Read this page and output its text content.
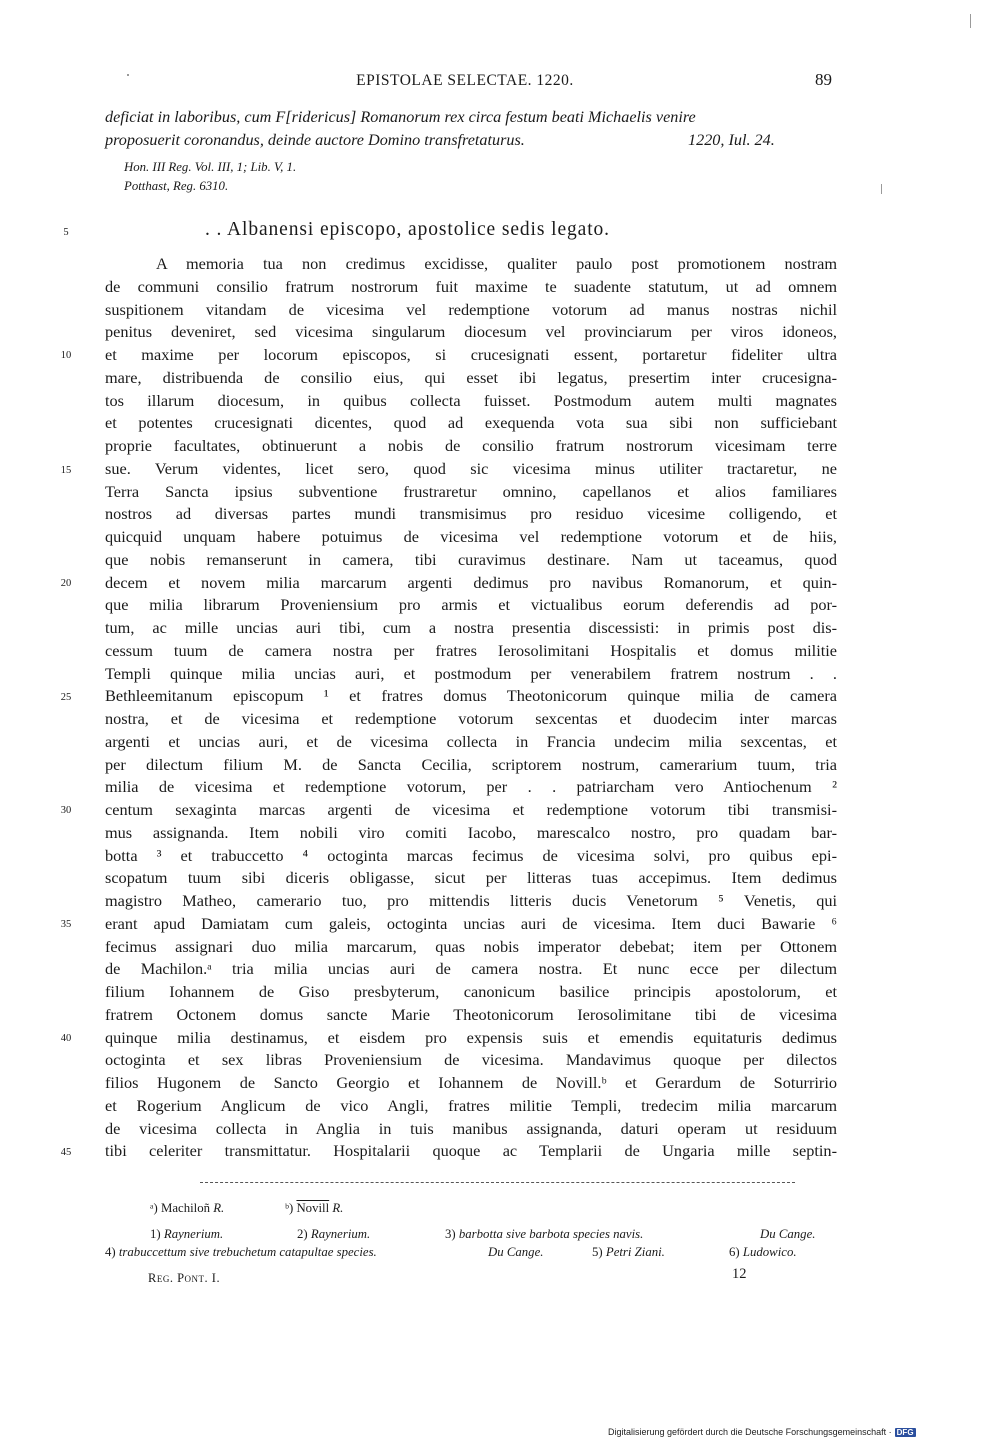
EPISTOLAE SELECTAE. 1220.	89
deficiat in laboribus, cum F[ridericus] Romanorum rex circa festum beati Michaelis venire
proposuerit coronandus, deinde auctore Domino transfretaturus.	1220, Iul. 24.
Hon. III Reg. Vol. III, 1; Lib. V, 1.
Potthast, Reg. 6310.
. . Albanensi episcopo, apostolice sedis legato.
5
10
15
20
25
30
35
40
45
A memoria tua non credimus excidisse, qualiter paulo post promotionem nostram
de communi consilio fratrum nostrorum fuit maxime te suadente statutum, ut ad omnem
suspitionem vitandam de vicesima vel redemptione votorum ad manus nostras nichil
penitus deveniret, sed vicesima singularum diocesum vel provinciarum per viros idoneos,
et maxime per locorum episcopos, si crucesignati essent, portaretur fideliter ultra
mare, distribuenda de consilio eius, qui esset ibi legatus, presertim inter crucesigna-
tos illarum diocesum, in quibus collecta fuisset. Postmodum autem multi magnates
et potentes crucesignati dicentes, quod ad exequenda vota sua sibi non sufficiebant
proprie facultates, obtinuerunt a nobis de consilio fratrum nostrorum vicesimam terre
sue. Verum videntes, licet sero, quod sic vicesima minus utiliter tractaretur, ne
Terra Sancta ipsius subventione frustraretur omnino, capellanos et alios familiares
nostros ad diversas partes mundi transmisimus pro residuo vicesime colligendo, et
quicquid unquam habere potuimus de vicesima vel redemptione votorum et de hiis,
que nobis remanserunt in camera, tibi curavimus destinare. Nam ut taceamus, quod
decem et novem milia marcarum argenti dedimus pro navibus Romanorum, et quin-
que milia librarum Proveniensium pro armis et victualibus eorum deferendis ad por-
tum, ac mille uncias auri tibi, cum a nostra presentia discessisti: in primis post dis-
cessum tuum de camera nostra per fratres Ierosolimitani Hospitalis et domus militie
Templi quinque milia uncias auri, et postmodum per venerabilem fratrem nostrum . .
Bethleemitanum episcopum ¹ et fratres domus Theotonicorum quinque milia de camera
nostra, et de vicesima et redemptione votorum sexcentas et duodecim inter marcas
argenti et uncias auri, et de vicesima collecta in Francia undecim milia sexcentas, et
per dilectum filium M. de Sancta Cecilia, scriptorem nostrum, camerarium tuum, tria
milia de vicesima et redemptione votorum, per . . patriarcham vero Antiochenum ²
centum sexaginta marcas argenti de vicesima et redemptione votorum tibi transmisi-
mus assignanda. Item nobili viro comiti Iacobo, marescalco nostro, pro quadam bar-
botta ³ et trabuccetto ⁴ octoginta marcas fecimus de vicesima solvi, pro quibus epi-
scopatum tuum sibi diceris obligasse, sicut per litteras tuas accepimus. Item dedimus
magistro Matheo, camerario tuo, pro mittendis litteris ducis Venetorum ⁵ Venetis, qui
erant apud Damiatam cum galeis, octoginta uncias auri de vicesima. Item duci Bawarie ⁶
fecimus assignari duo milia marcarum, quas nobis imperator debebat; item per Ottonem
de Machilon.ᵃ tria milia uncias auri de camera nostra. Et nunc ecce per dilectum
filium Iohannem de Giso presbyterum, canonicum basilice principis apostolorum, et
fratrem Octonem domus sancte Marie Theotonicorum Ierosolimitane tibi de vicesima
quinque milia destinamus, et eisdem pro expensis suis et emendis equitaturis dedimus
octoginta et sex libras Proveniensium de vicesima. Mandavimus quoque per dilectos
filios Hugonem de Sancto Georgio et Iohannem de Novill.ᵇ et Gerardum de Soturririo
et Rogerium Anglicum de vico Angli, fratres militie Templi, tredecim milia marcarum
de vicesima collecta in Anglia in tuis manibus assignanda, daturi operam ut residuum
tibi celeriter transmittatur. Hospitalarii quoque ac Templarii de Ungaria mille septin-
ᵃ) Machiloñ R.	ᵇ) Novill R.
1) Raynerium.	2) Raynerium.	3) barbotta sive barbota species navis.	Du Cange.
4) trabuccettum sive trebuchetum catapultae species.	Du Cange.	5) Petri Ziani.	6) Ludowico.
Reg. Pont. I.	12
Digitalisierung gefördert durch die Deutsche Forschungsgemeinschaft · DFG
